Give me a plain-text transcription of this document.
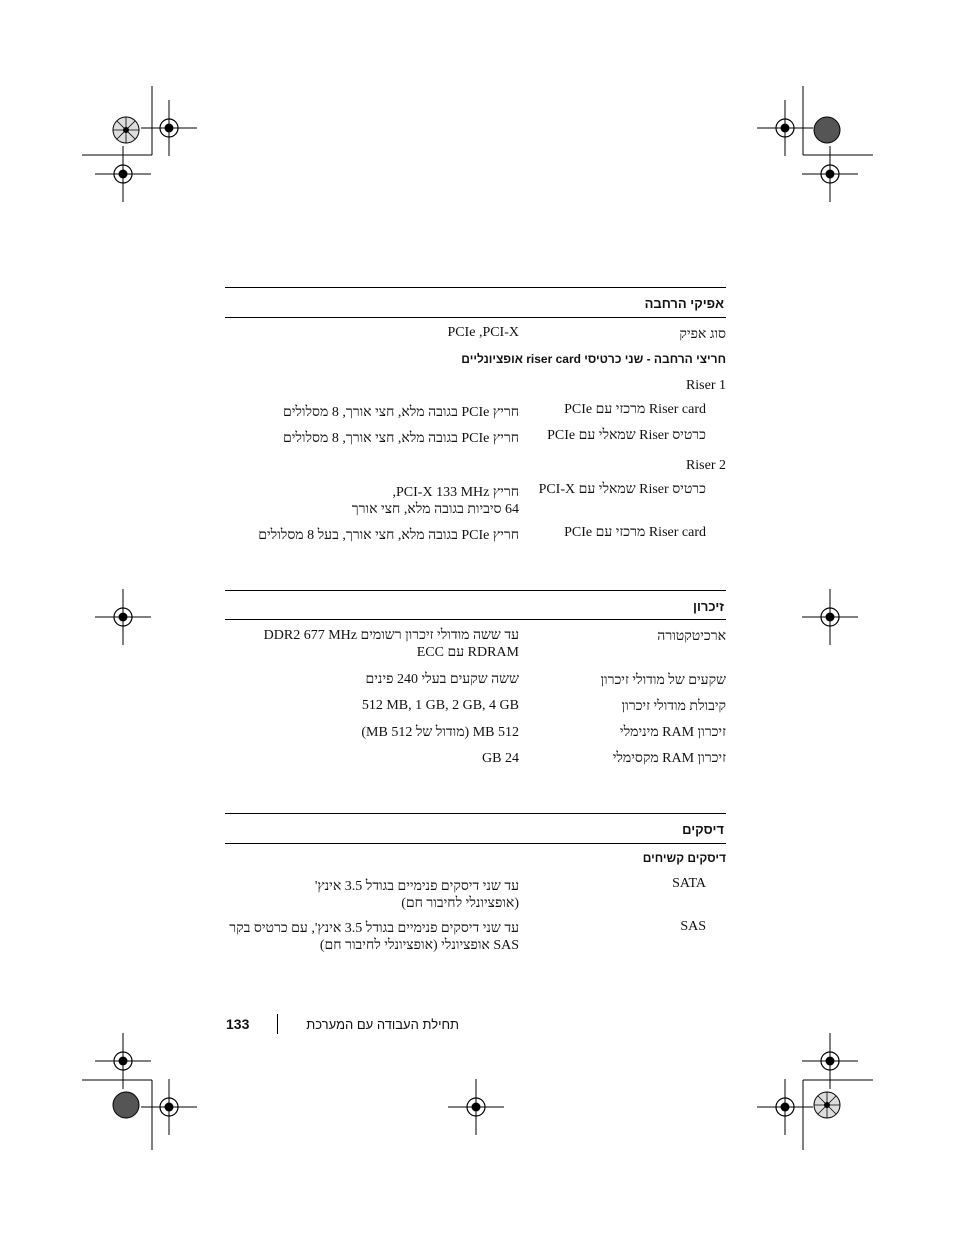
אפיקי הרחבה
סוג אפיק
PCIe ,PCI-X
חריצי הרחבה - שני כרטיסי riser card אופציונליים
Riser 1
Riser card מרכזי עם PCIe
חריץ PCIe בגובה מלא, חצי אורך, 8 מסלולים
כרטיס Riser שמאלי עם PCIe
חריץ PCIe בגובה מלא, חצי אורך, 8 מסלולים
Riser 2
כרטיס Riser שמאלי עם PCI-X
חריץ PCI-X 133 MHz,
64 סיביות בגובה מלא, חצי אורך
Riser card מרכזי עם PCIe
חריץ PCIe בגובה מלא, חצי אורך, בעל 8 מסלולים
זיכרון
ארכיטקטורה
עד ששה מודולי זיכרון רשומים DDR2 677 MHz
RDRAM עם ECC
שקעים של מודולי זיכרון
ששה שקעים בעלי 240 פינים
קיבולת מודולי זיכרון
512 MB, 1 GB, 2 GB, 4 GB
זיכרון RAM מינימלי
512 MB (מודול של 512 MB)
זיכרון RAM מקסימלי
24 GB
דיסקים
דיסקים קשיחים
SATA
עד שני דיסקים פנימיים בגודל 3.5 אינץ'
(אופציונלי לחיבור חם)
SAS
עד שני דיסקים פנימיים בגודל 3.5 אינץ', עם כרטיס בקר
SAS אופציונלי (אופציונלי לחיבור חם)
תחילת העבודה עם המערכת
133
